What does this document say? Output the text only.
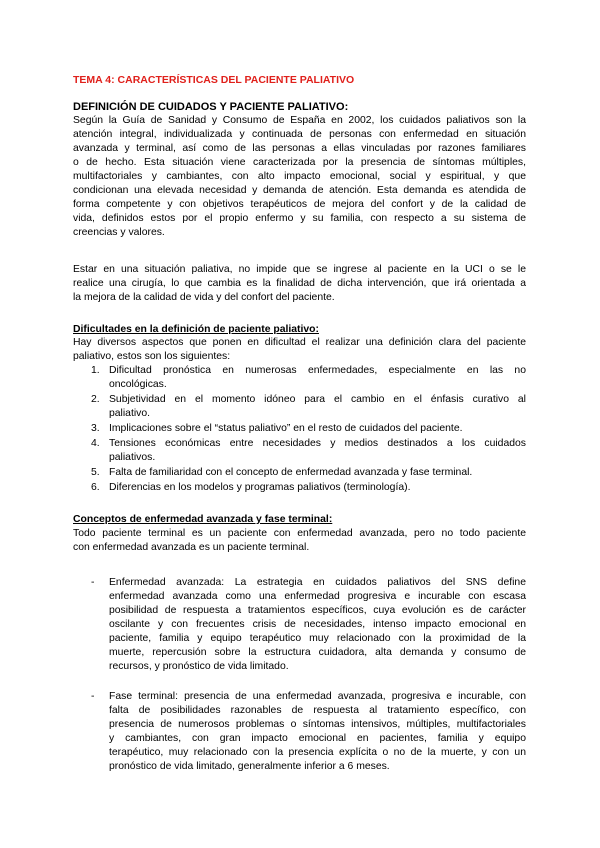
TEMA 4: CARACTERÍSTICAS DEL PACIENTE PALIATIVO
DEFINICIÓN DE CUIDADOS Y PACIENTE PALIATIVO:
Según la Guía de Sanidad y Consumo de España en 2002, los cuidados paliativos son la
atención integral, individualizada y continuada de personas con enfermedad en situación
avanzada y terminal, así como de las personas a ellas vinculadas por razones familiares
o de hecho. Esta situación viene caracterizada por la presencia de síntomas múltiples,
multifactoriales y cambiantes, con alto impacto emocional, social y espiritual, y que
condicionan una elevada necesidad y demanda de atención. Esta demanda es atendida de
forma competente y con objetivos terapéuticos de mejora del confort y de la calidad de
vida, definidos estos por el propio enfermo y su familia, con respecto a su sistema de
creencias y valores.
Estar en una situación paliativa, no impide que se ingrese al paciente en la UCI o se le
realice una cirugía, lo que cambia es la finalidad de dicha intervención, que irá orientada a
la mejora de la calidad de vida y del confort del paciente.
Dificultades en la definición de paciente paliativo:
Hay diversos aspectos que ponen en dificultad el realizar una definición clara del paciente
paliativo, estos son los siguientes:
1. Dificultad pronóstica en numerosas enfermedades, especialmente en las no
oncológicas.
2. Subjetividad en el momento idóneo para el cambio en el énfasis curativo al
paliativo.
3. Implicaciones sobre el “status paliativo” en el resto de cuidados del paciente.
4. Tensiones económicas entre necesidades y medios destinados a los cuidados
paliativos.
5. Falta de familiaridad con el concepto de enfermedad avanzada y fase terminal.
6. Diferencias en los modelos y programas paliativos (terminología).
Conceptos de enfermedad avanzada y fase terminal:
Todo paciente terminal es un paciente con enfermedad avanzada, pero no todo paciente
con enfermedad avanzada es un paciente terminal.
- Enfermedad avanzada: La estrategia en cuidados paliativos del SNS define
enfermedad avanzada como una enfermedad progresiva e incurable con escasa
posibilidad de respuesta a tratamientos específicos, cuya evolución es de carácter
oscilante y con frecuentes crisis de necesidades, intenso impacto emocional en
paciente, familia y equipo terapéutico muy relacionado con la proximidad de la
muerte, repercusión sobre la estructura cuidadora, alta demanda y consumo de
recursos, y pronóstico de vida limitado.
- Fase terminal: presencia de una enfermedad avanzada, progresiva e incurable, con
falta de posibilidades razonables de respuesta al tratamiento específico, con
presencia de numerosos problemas o síntomas intensivos, múltiples, multifactoriales
y cambiantes, con gran impacto emocional en pacientes, familia y equipo
terapéutico, muy relacionado con la presencia explícita o no de la muerte, y con un
pronóstico de vida limitado, generalmente inferior a 6 meses.
